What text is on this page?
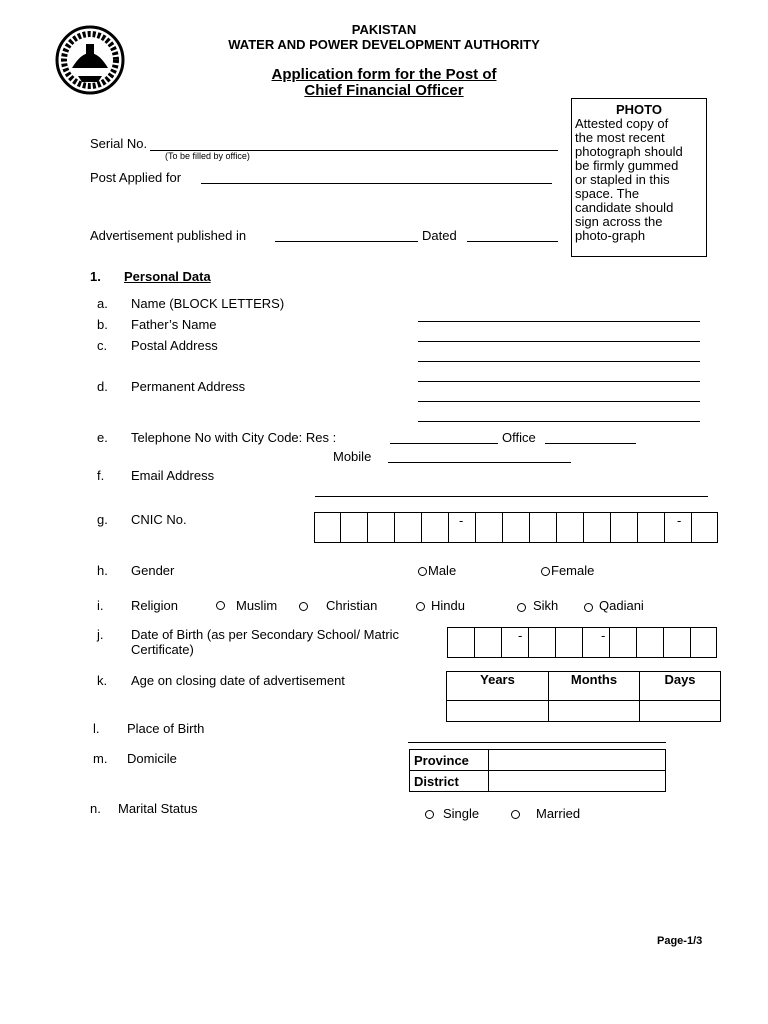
PAKISTAN
WATER AND POWER DEVELOPMENT AUTHORITY
Application form for the Post of
Chief Financial Officer
PHOTO
Attested copy of
the most recent
photograph should
be firmly gummed
or stapled in this
space. The
candidate should
sign across the
photo-graph
Serial No.
(To be filled by office)
Post Applied for
Advertisement published in	Dated
1. Personal Data
a. Name (BLOCK LETTERS)
b. Father’s Name
c. Postal Address
d. Permanent Address
e. Telephone No with City Code: Res :	Office
Mobile
f. Email Address
g. CNIC No.	-	-
h. Gender	Male	Female
i. Religion	Muslim	Christian	Hindu	Sikh	Qadiani
j. Date of Birth (as per Secondary School/ Matric
Certificate)
-	-
k. Age on closing date of advertisement	Years	Months	Days

l. Place of Birth
m. Domicile	Province	
District	
n. Marital Status	Single	Married
Page-1/3
